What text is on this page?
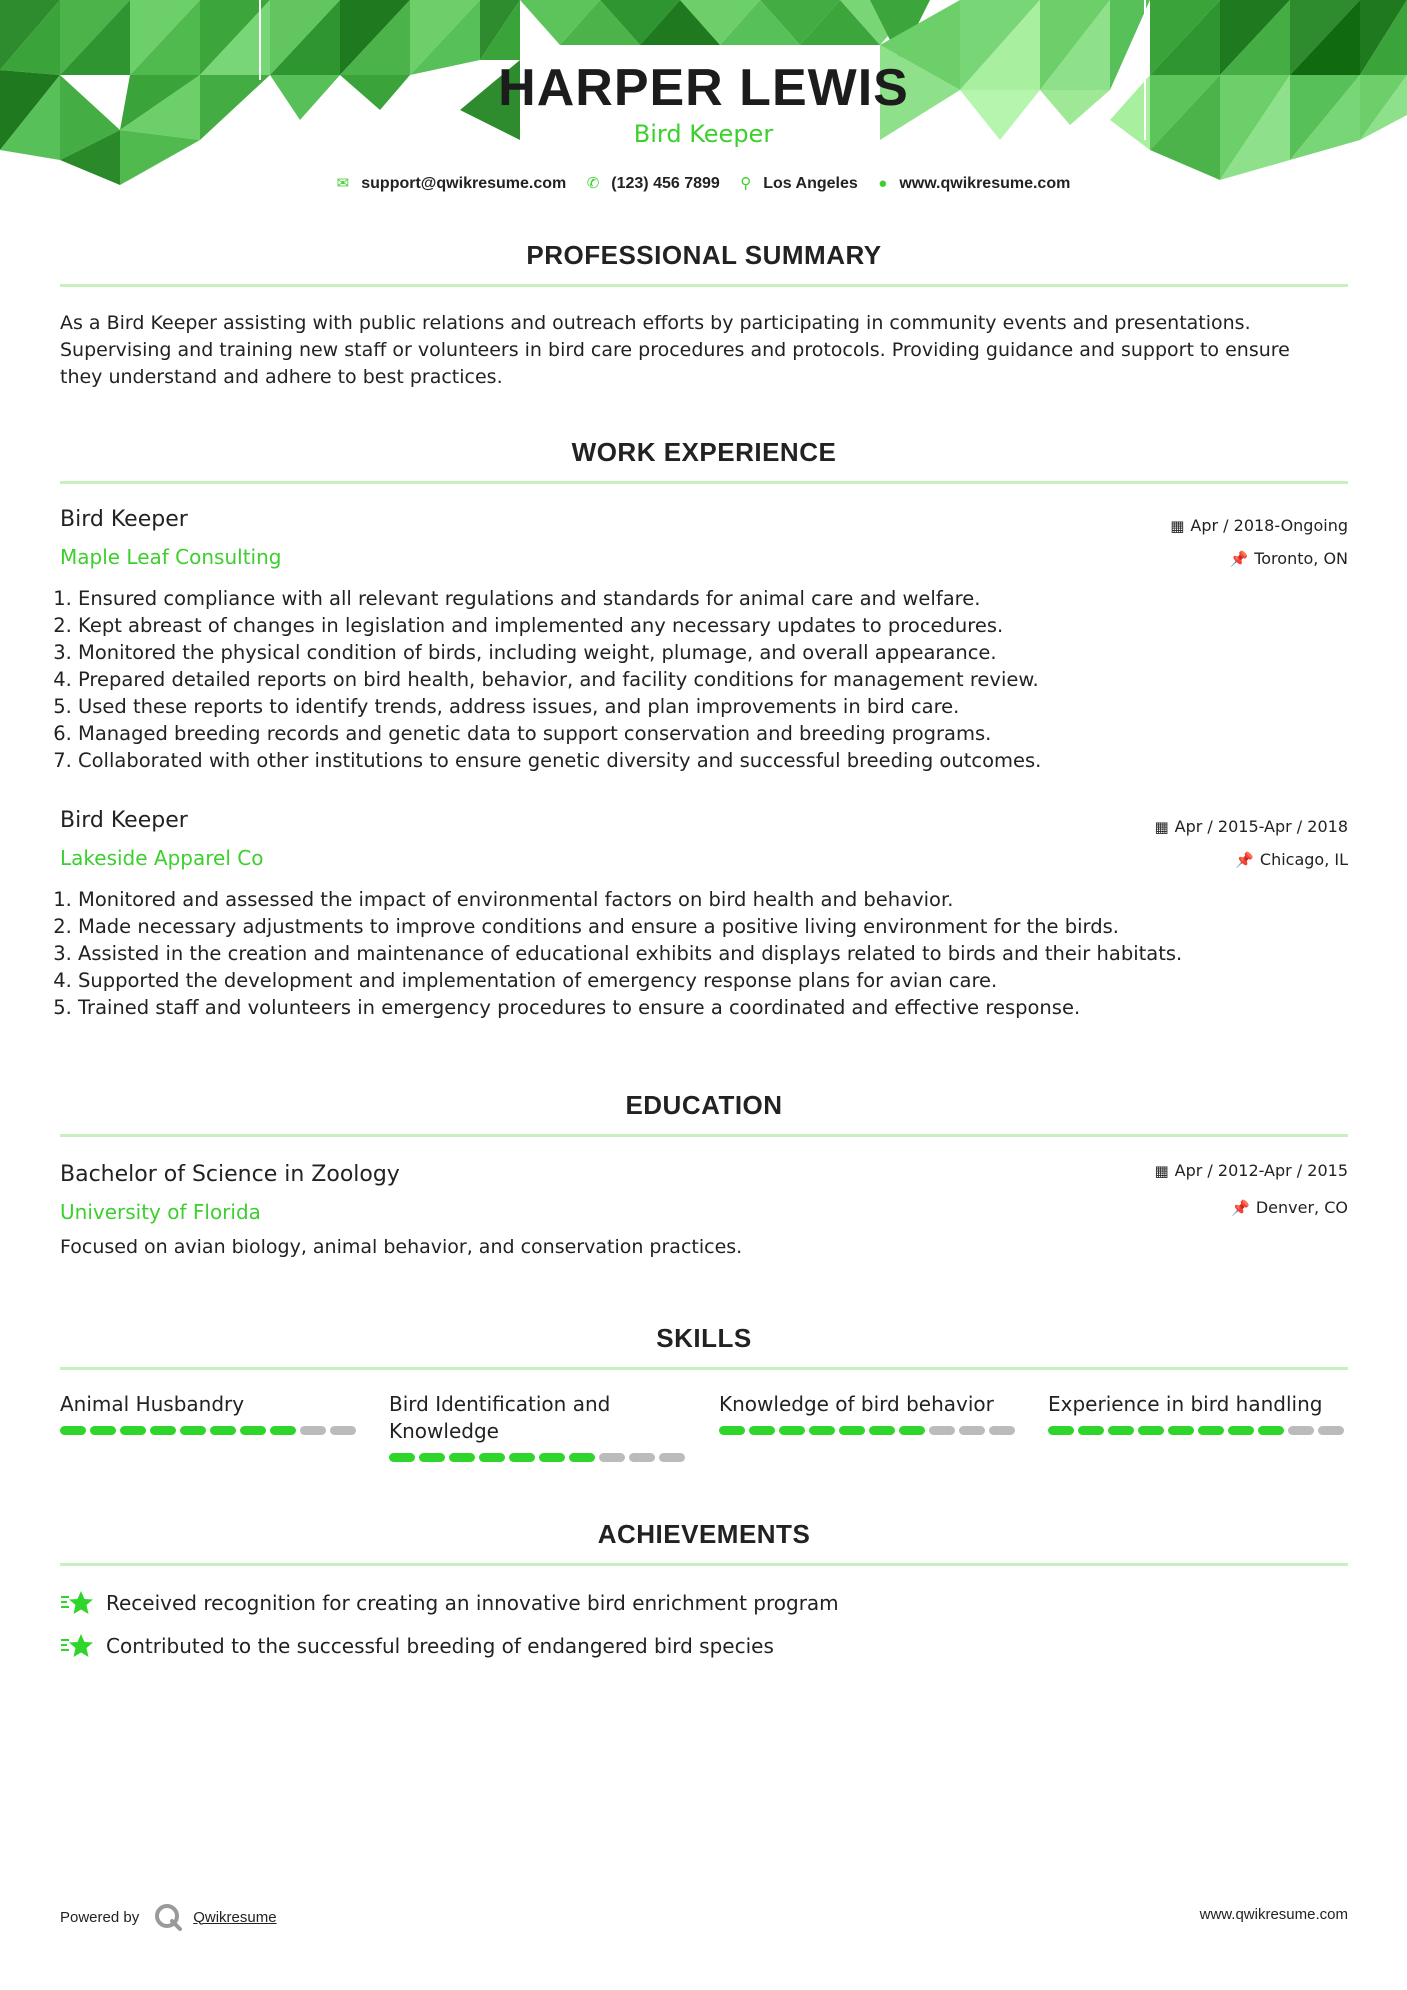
HARPER LEWIS
Bird Keeper
✉ support@qwikresume.com ✆ (123) 456 7899 ⚲ Los Angeles ● www.qwikresume.com
PROFESSIONAL SUMMARY
As a Bird Keeper assisting with public relations and outreach efforts by participating in community events and presentations. Supervising and training new staff or volunteers in bird care procedures and protocols. Providing guidance and support to ensure they understand and adhere to best practices.
WORK EXPERIENCE
Bird Keeper	▦ Apr / 2018-Ongoing
Maple Leaf Consulting	📌 Toronto, ON
1. Ensured compliance with all relevant regulations and standards for animal care and welfare.
2. Kept abreast of changes in legislation and implemented any necessary updates to procedures.
3. Monitored the physical condition of birds, including weight, plumage, and overall appearance.
4. Prepared detailed reports on bird health, behavior, and facility conditions for management review.
5. Used these reports to identify trends, address issues, and plan improvements in bird care.
6. Managed breeding records and genetic data to support conservation and breeding programs.
7. Collaborated with other institutions to ensure genetic diversity and successful breeding outcomes.
Bird Keeper	▦ Apr / 2015-Apr / 2018
Lakeside Apparel Co	📌 Chicago, IL
1. Monitored and assessed the impact of environmental factors on bird health and behavior.
2. Made necessary adjustments to improve conditions and ensure a positive living environment for the birds.
3. Assisted in the creation and maintenance of educational exhibits and displays related to birds and their habitats.
4. Supported the development and implementation of emergency response plans for avian care.
5. Trained staff and volunteers in emergency procedures to ensure a coordinated and effective response.
EDUCATION
Bachelor of Science in Zoology	▦ Apr / 2012-Apr / 2015
University of Florida	📌 Denver, CO
Focused on avian biology, animal behavior, and conservation practices.
SKILLS
Animal Husbandry	Bird Identification and Knowledge
Knowledge of bird behavior	Experience in bird handling
ACHIEVEMENTS
Received recognition for creating an innovative bird enrichment program
Contributed to the successful breeding of endangered bird species
Powered by	Qwikresume	www.qwikresume.com
